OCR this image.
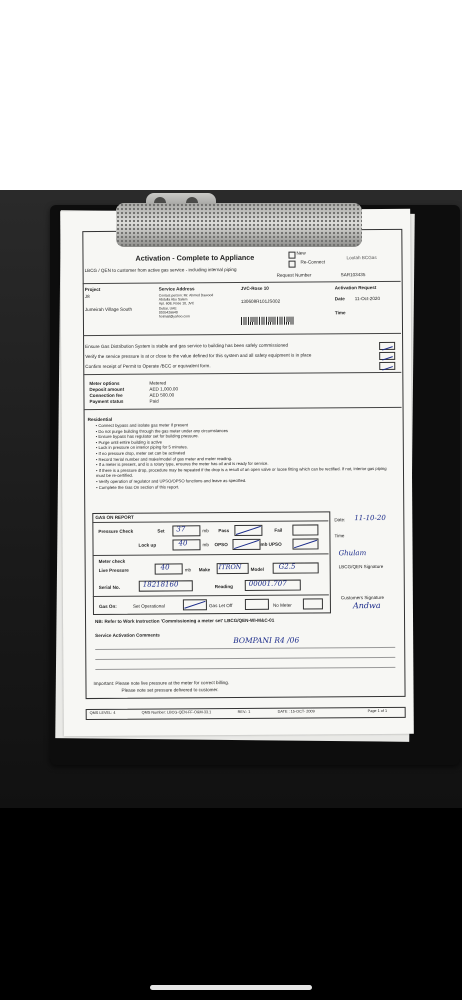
Activation - Complete to Appliance	New
Re-Connect
Lootah BCGas
Request Number	SAR103435
LBCG / QEN to customer from active gas service - including internal piping
Project
J8
Jumeirah Village South
Service Address
Contact person: Mr. Ahmed Dawood
Abdulla Abu Salem
Apt. 608, Rose 10, JVC
Dubai, UAE
0555426640
hotmail@yahoo.com
JVC-Rose 10
130608R101JS002
Activation Request
Date 11-Oct-2020
Time
Ensure Gas Distribution System is stable and gas service to building has been safely commissioned
Verify the service pressure is at or close to the value defined for this system and all safety equipment is in place
Confirm receipt of Permit to Operate /BCC or equivalent form.
Meter options	Metered
Deposit amount	AED 1,000.00
Connection fee	AED 500.00
Payment status	Paid
Residential
• Connect bypass and isolate gas meter if present
• Do not purge building through the gas meter under any circumstances
• Ensure bypass has regulator set for building pressure.
• Purge until entire building is active
• Lock in pressure on interior piping for 5 minutes.
• If no pressure drop, meter set can be activated
• Record Serial number and make/model of gas meter and meter reading.
• If a meter is present, and is a rotary type, ensures the meter has oil and is ready for service.
• If there is a pressure drop, procedure may be repeated if the drop is a result of an open valve or loose fitting which can be rectified. If not, interior gas piping must be re-certified.
• Verify operation of regulator and UPSO/OPSO functions and leave as specified.
• Complete the Gas On section of this report.
GAS ON REPORT
Pressure Check	Set 37	mb Pass	Fail
Lock up	40	mb OPSO	mb UPSO
Meter check
Live Pressure	40	mb Make ITRON Model G2.5
Serial No.	18218160	Reading 00001.707
Gas On:	Set Operational	Gas Let Off	No Meter
Date: 11-10-20
Time
Ghulam
LBCG/QEN Signature
Customers Signature
Andwa
NB: Refer to Work Instruction 'Commissioning a meter set' LBCG/QEN-WI-M&C-01
Service Activation Comments
BOMPANI R4 /06
Important: Please note live pressure at the meter for correct billing.
Please note set pressure delivered to customer.
QMS LEVEL: 4	QMS Number: LBCG-QEN-FF-O&M-33.1	REV.: 1	DATE : 15-OCT- 2009	Page 1 of 1
